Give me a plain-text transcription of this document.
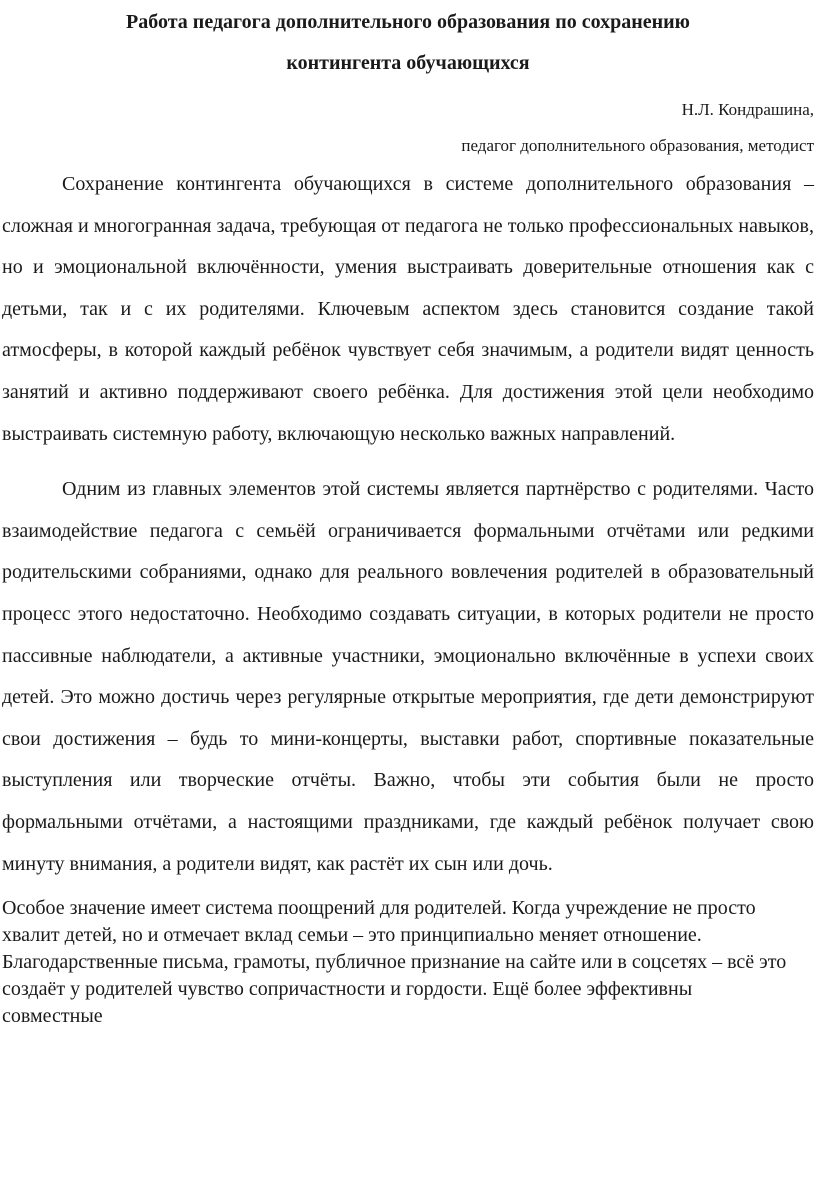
Работа педагога дополнительного образования по сохранению
контингента обучающихся
Н.Л. Кондрашина,
педагог дополнительного образования, методист

Сохранение контингента обучающихся в системе дополнительного образования – сложная и многогранная задача, требующая от педагога не только профессиональных навыков, но и эмоциональной включённости, умения выстраивать доверительные отношения как с детьми, так и с их родителями. Ключевым аспектом здесь становится создание такой атмосферы, в которой каждый ребёнок чувствует себя значимым, а родители видят ценность занятий и активно поддерживают своего ребёнка. Для достижения этой цели необходимо выстраивать системную работу, включающую несколько важных направлений.

Одним из главных элементов этой системы является партнёрство с родителями. Часто взаимодействие педагога с семьёй ограничивается формальными отчётами или редкими родительскими собраниями, однако для реального вовлечения родителей в образовательный процесс этого недостаточно. Необходимо создавать ситуации, в которых родители не просто пассивные наблюдатели, а активные участники, эмоционально включённые в успехи своих детей. Это можно достичь через регулярные открытые мероприятия, где дети демонстрируют свои достижения – будь то мини-концерты, выставки работ, спортивные показательные выступления или творческие отчёты. Важно, чтобы эти события были не просто формальными отчётами, а настоящими праздниками, где каждый ребёнок получает свою минуту внимания, а родители видят, как растёт их сын или дочь.

Особое значение имеет система поощрений для родителей. Когда учреждение не просто хвалит детей, но и отмечает вклад семьи – это принципиально меняет отношение. Благодарственные письма, грамоты, публичное признание на сайте или в соцсетях – всё это создаёт у родителей чувство сопричастности и гордости. Ещё более эффективны совместные
